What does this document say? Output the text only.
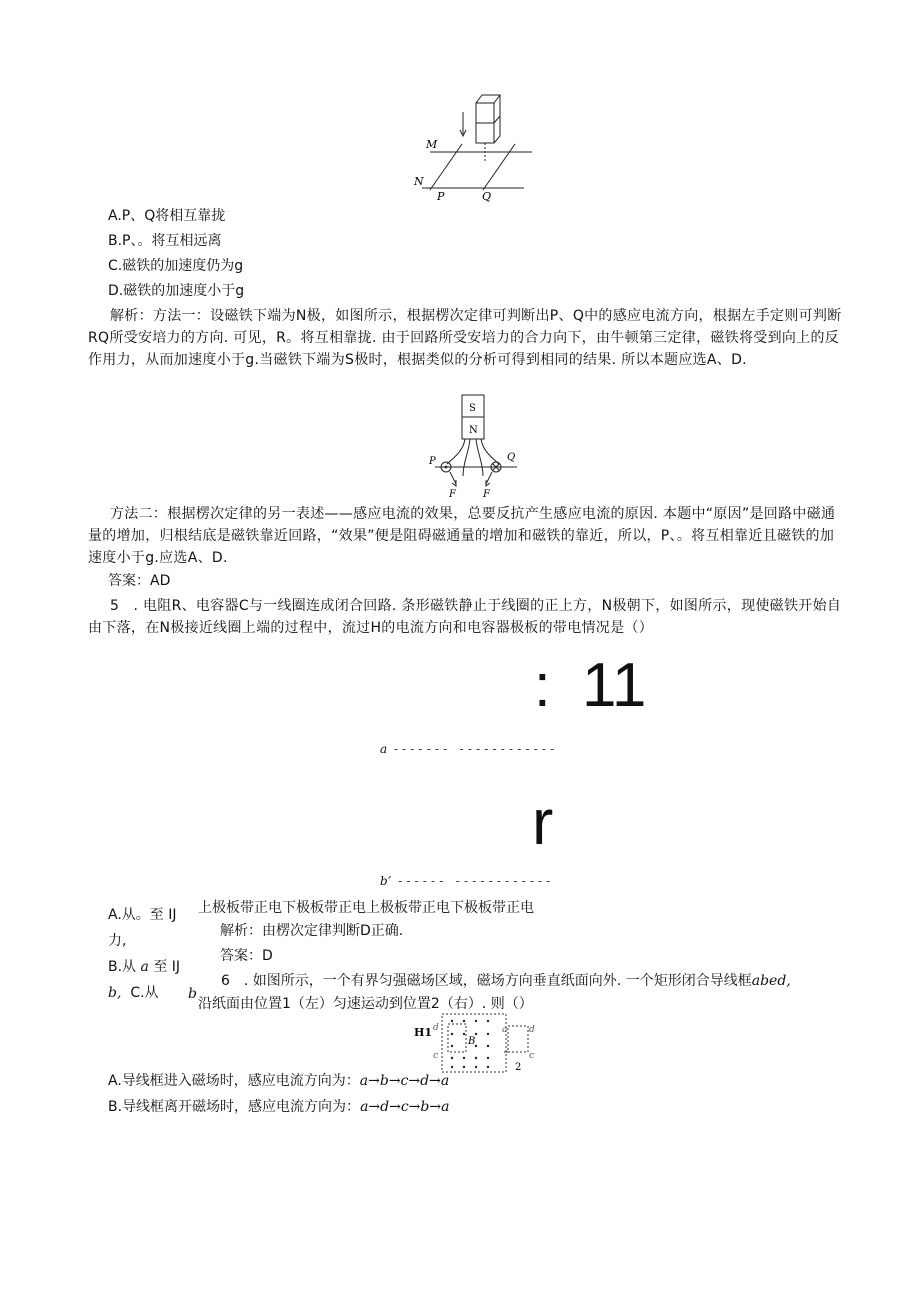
M
N
P	Q
A.P、Q将相互靠拢
B.P、。将互相远离
C.磁铁的加速度仍为g
D.磁铁的加速度小于g
解析：方法一：设磁铁下端为N极，如图所示，根据楞次定律可判断出P、Q中的感应电流方向，根据左手定则可判断RQ所受安培力的方向. 可见，R。将互相靠拢. 由于回路所受安培力的合力向下，由牛顿第三定律，磁铁将受到向上的反作用力，从而加速度小于g.当磁铁下端为S极时，根据类似的分析可得到相同的结果. 所以本题应选A、D.
S
N
P	Q
F	F
方法二：根据楞次定律的另一表述——感应电流的效果，总要反抗产生感应电流的原因. 本题中“原因”是回路中磁通量的增加，归根结底是磁铁靠近回路，“效果”便是阻碍磁通量的增加和磁铁的靠近，所以，P、。将互相靠近且磁铁的加速度小于g.应选A、D.
答案：AD
5　. 电阻R、电容器C与一线圈连成闭合回路. 条形磁铁静止于线圈的正上方，N极朝下，如图所示，现使磁铁开始自由下落，在N极接近线圈上端的过程中，流过H的电流方向和电容器极板的带电情况是（）
: 11
a ------- ------------
r
b’ ------ ------------
A.从。至 IJ 上极板带正电下极板带正电上极板带正电下极板带正电
力,
解析：由楞次定律判断D正确.
答案：D
B.从 a 至 IJ
b, C.从 b
6　. 如图所示，一个有界匀强磁场区域，磁场方向垂直纸面向外. 一个矩形闭合导线框abed,
沿纸面由位置1（左）匀速运动到位置2（右）. 则（）
H1 d
c
B
a d
c
2
A.导线框进入磁场时，感应电流方向为：a→b→c→d→a
B.导线框离开磁场时，感应电流方向为：a→d→c→b→a
